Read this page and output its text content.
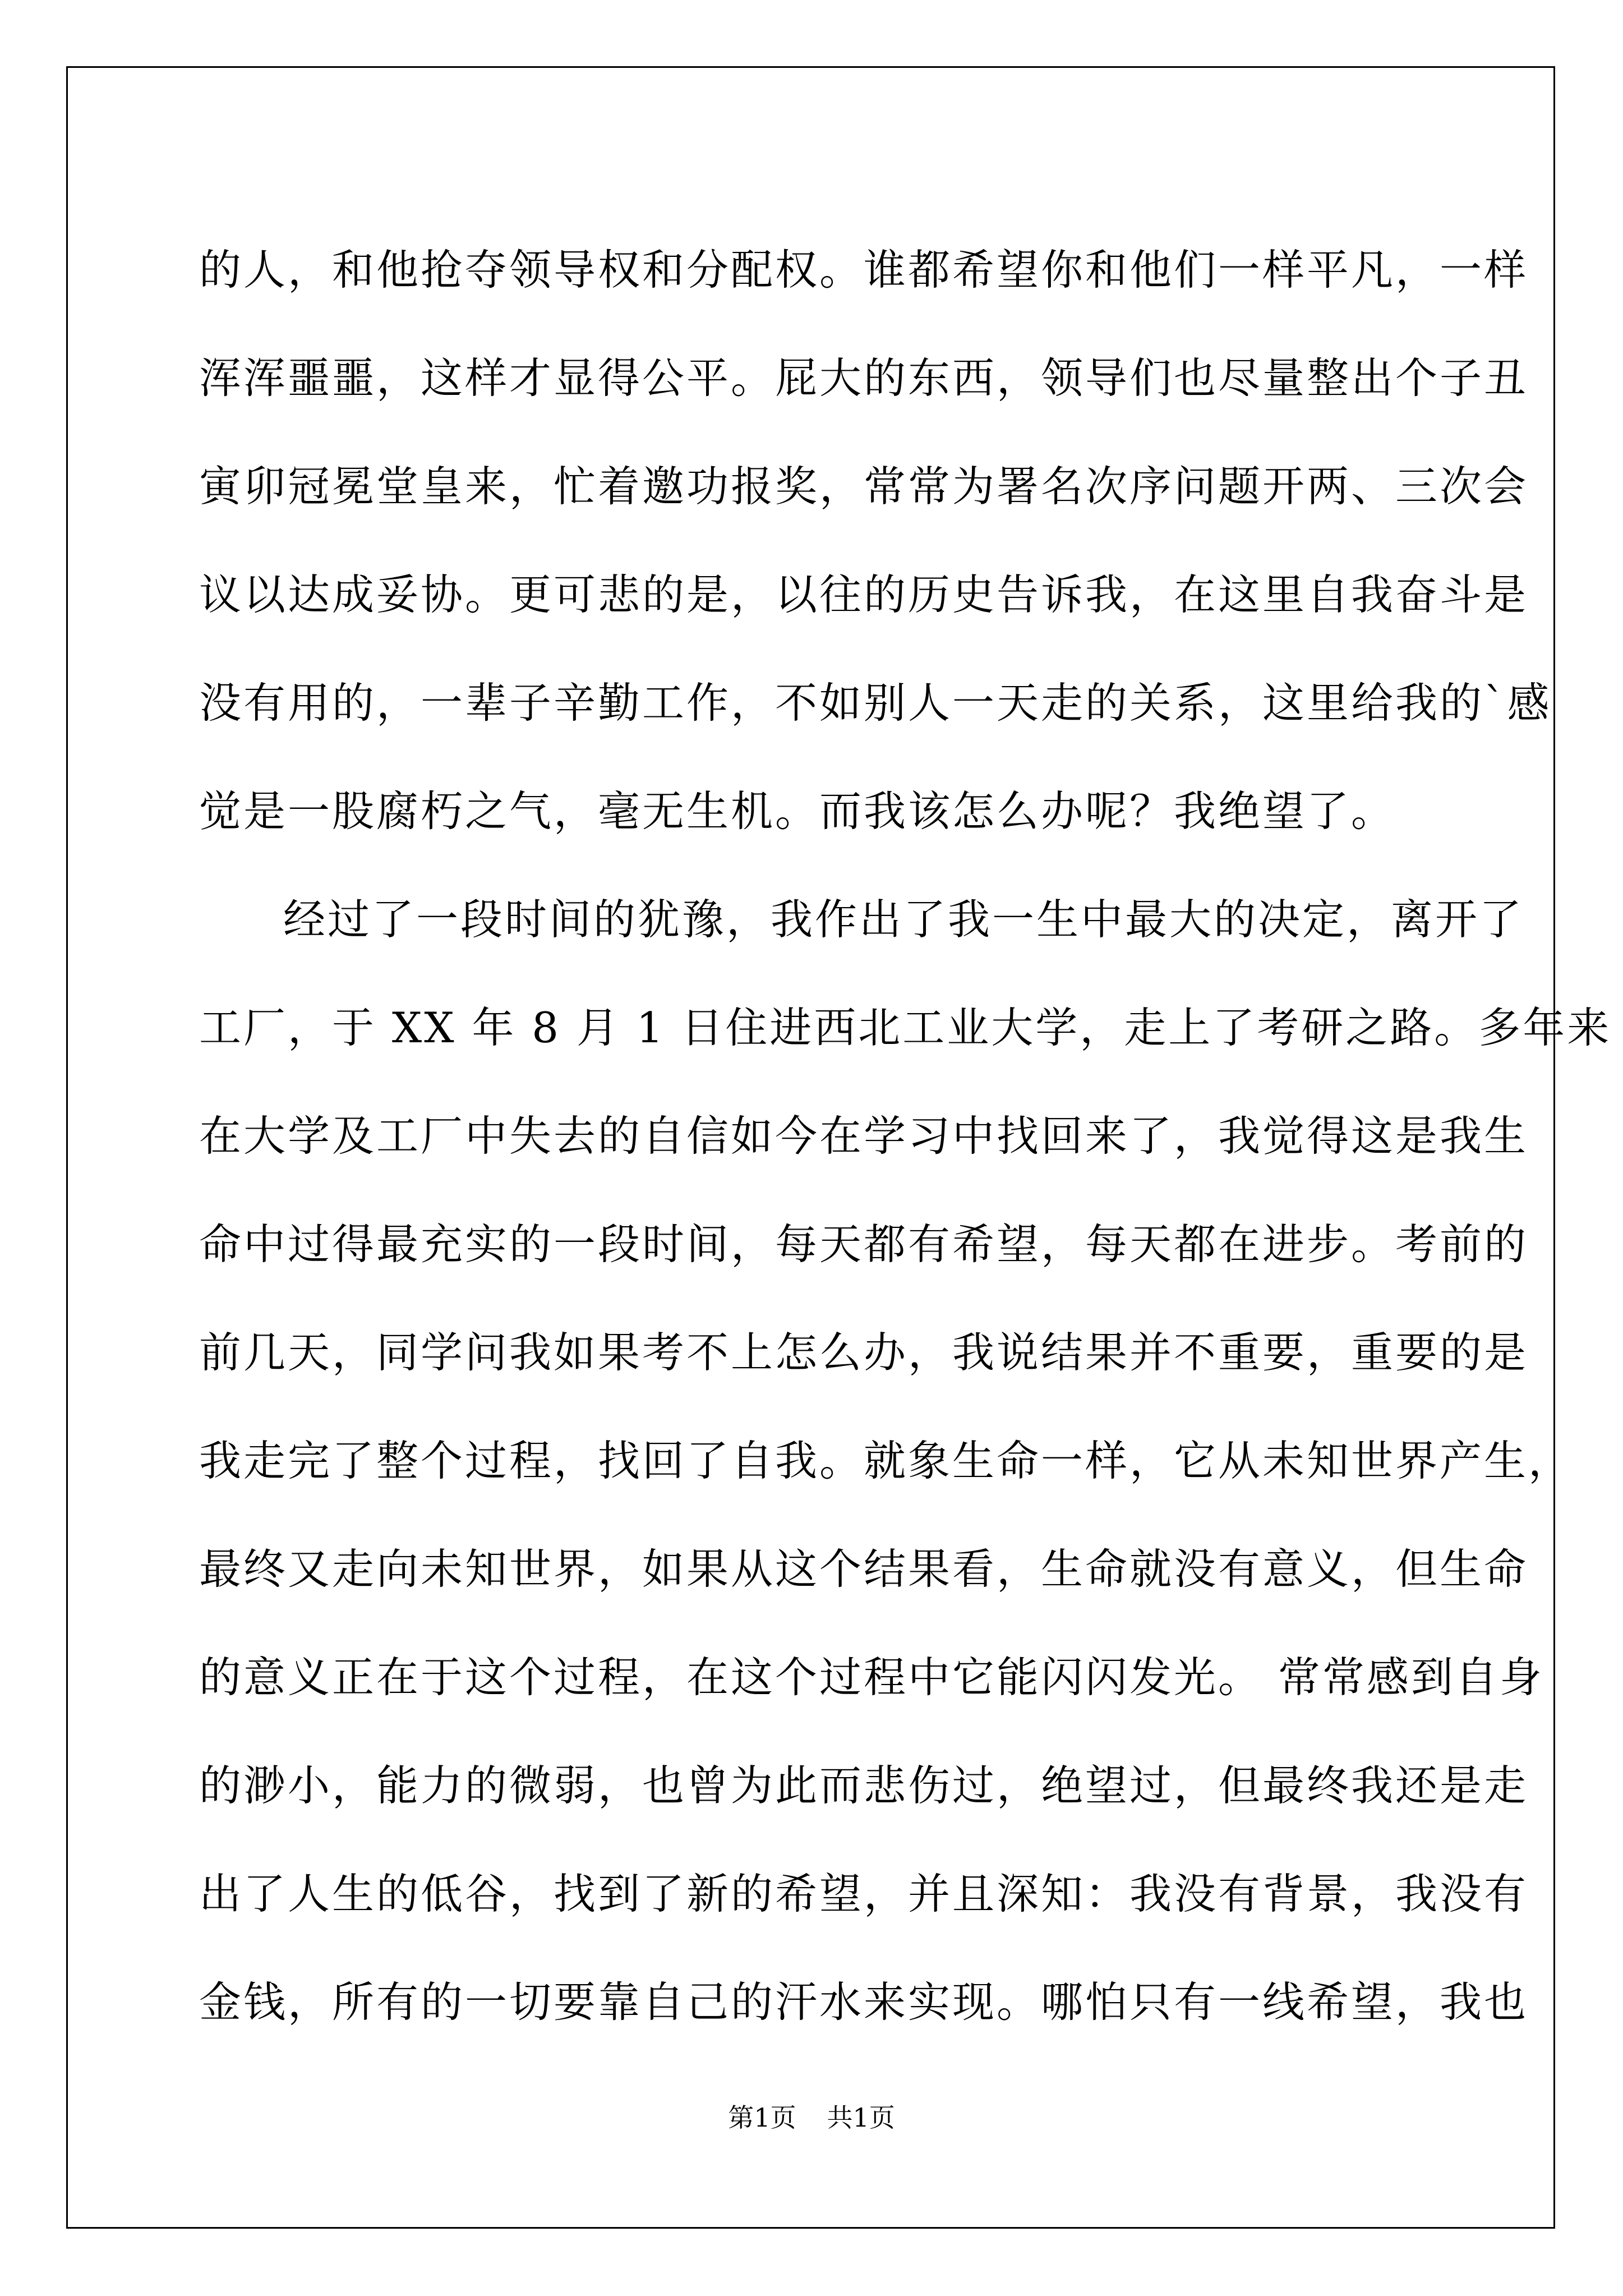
的人，和他抢夺领导权和分配权。谁都希望你和他们一样平凡，一样
浑浑噩噩，这样才显得公平。屁大的东西，领导们也尽量整出个子丑
寅卯冠冕堂皇来，忙着邀功报奖，常常为署名次序问题开两、三次会
议以达成妥协。更可悲的是，以往的历史告诉我，在这里自我奋斗是
没有用的，一辈子辛勤工作，不如别人一天走的关系，这里给我的`感
觉是一股腐朽之气，毫无生机。而我该怎么办呢？我绝望了。
经过了一段时间的犹豫，我作出了我一生中最大的决定，离开了
工厂，于 XX 年 8 月 1 日住进西北工业大学，走上了考研之路。多年来
在大学及工厂中失去的自信如今在学习中找回来了，我觉得这是我生
命中过得最充实的一段时间，每天都有希望，每天都在进步。考前的
前几天，同学问我如果考不上怎么办，我说结果并不重要，重要的是
我走完了整个过程，找回了自我。就象生命一样，它从未知世界产生，
最终又走向未知世界，如果从这个结果看，生命就没有意义，但生命
的意义正在于这个过程，在这个过程中它能闪闪发光。 常常感到自身
的渺小，能力的微弱，也曾为此而悲伤过，绝望过，但最终我还是走
出了人生的低谷，找到了新的希望，并且深知：我没有背景，我没有
金钱，所有的一切要靠自己的汗水来实现。哪怕只有一线希望，我也
第1页 共1页
